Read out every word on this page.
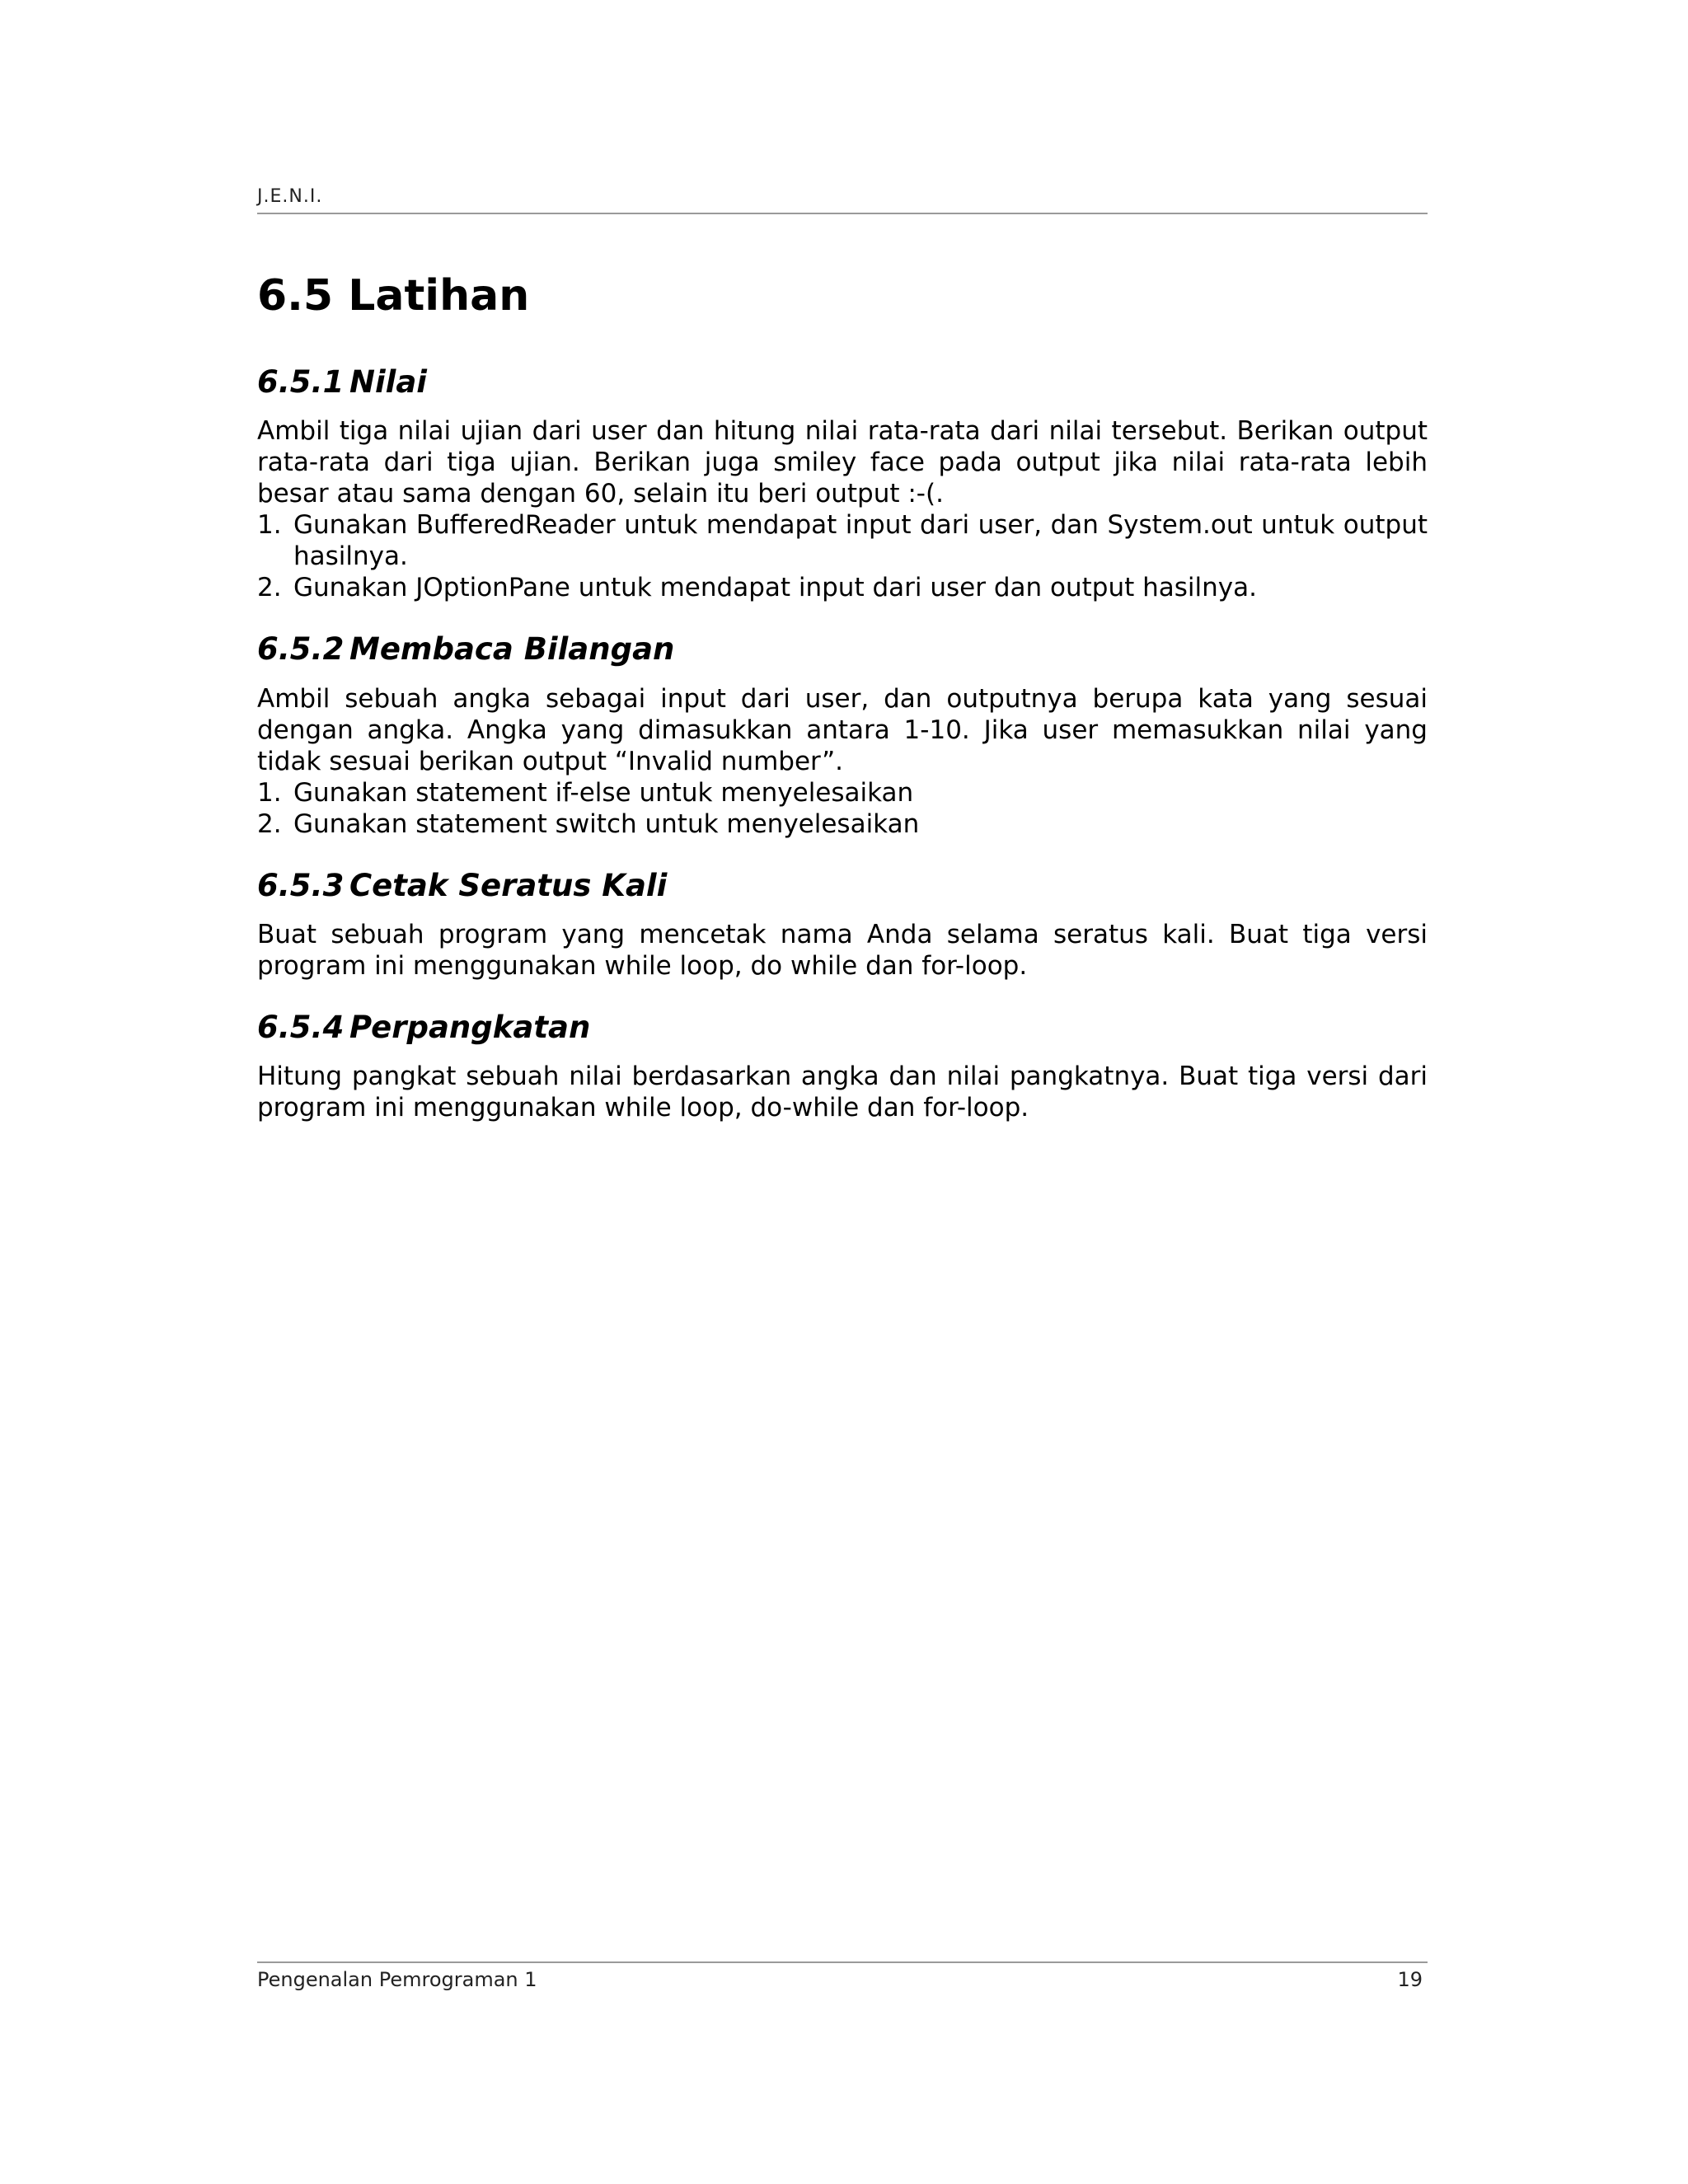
J.E.N.I.
6.5 Latihan
6.5.1 Nilai

Ambil tiga nilai ujian dari user dan hitung nilai rata-rata dari nilai tersebut. Berikan output rata-rata dari tiga ujian. Berikan juga smiley face pada output jika nilai rata-rata lebih besar atau sama dengan 60, selain itu beri output :-(.

1. Gunakan BufferedReader untuk mendapat input dari user, dan System.out untuk output hasilnya.
2. Gunakan JOptionPane untuk mendapat input dari user dan output hasilnya.
6.5.2 Membaca Bilangan

Ambil sebuah angka sebagai input dari user, dan outputnya berupa kata yang sesuai dengan angka. Angka yang dimasukkan antara 1-10. Jika user memasukkan nilai yang tidak sesuai berikan output “Invalid number”.

1. Gunakan statement if-else untuk menyelesaikan
2. Gunakan statement switch untuk menyelesaikan
6.5.3 Cetak Seratus Kali

Buat sebuah program yang mencetak nama Anda selama seratus kali. Buat tiga versi program ini menggunakan while loop, do while dan for-loop.

6.5.4 Perpangkatan

Hitung pangkat sebuah nilai berdasarkan angka dan nilai pangkatnya. Buat tiga versi dari program ini menggunakan while loop, do-while dan for-loop.

Pengenalan Pemrograman 1	19
